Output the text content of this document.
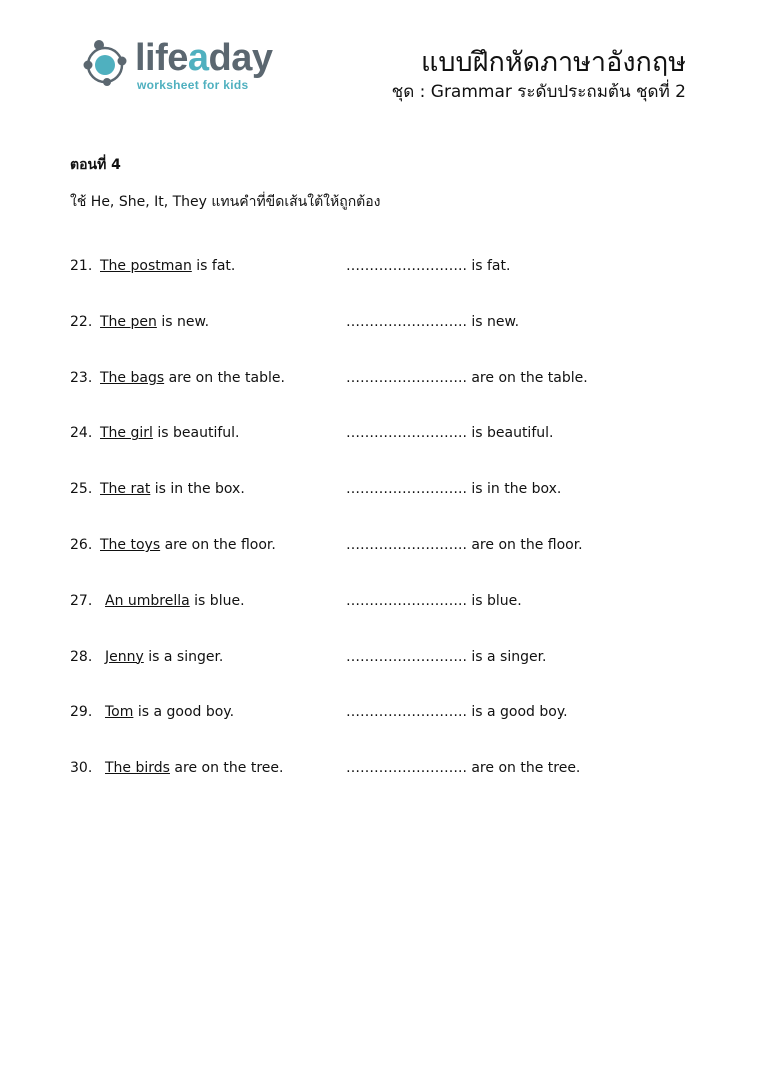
lifeaday
worksheet for kids
แบบฝึกหัดภาษาอังกฤษ
ชุด : Grammar ระดับประถมต้น ชุดที่ 2
ตอนที่ 4
ใช้ He, She, It, They แทนคำที่ขีดเส้นใต้ให้ถูกต้อง
21. The postman is fat.	…………………….. is fat.
22. The pen is new.	…………………….. is new.
23. The bags are on the table.	…………………….. are on the table.
24. The girl is beautiful.	…………………….. is beautiful.
25. The rat is in the box.	…………………….. is in the box.
26. The toys are on the floor.	…………………….. are on the floor.
27. An umbrella is blue.	…………………….. is blue.
28. Jenny is a singer.	…………………….. is a singer.
29. Tom is a good boy.	…………………….. is a good boy.
30. The birds are on the tree.	…………………….. are on the tree.
